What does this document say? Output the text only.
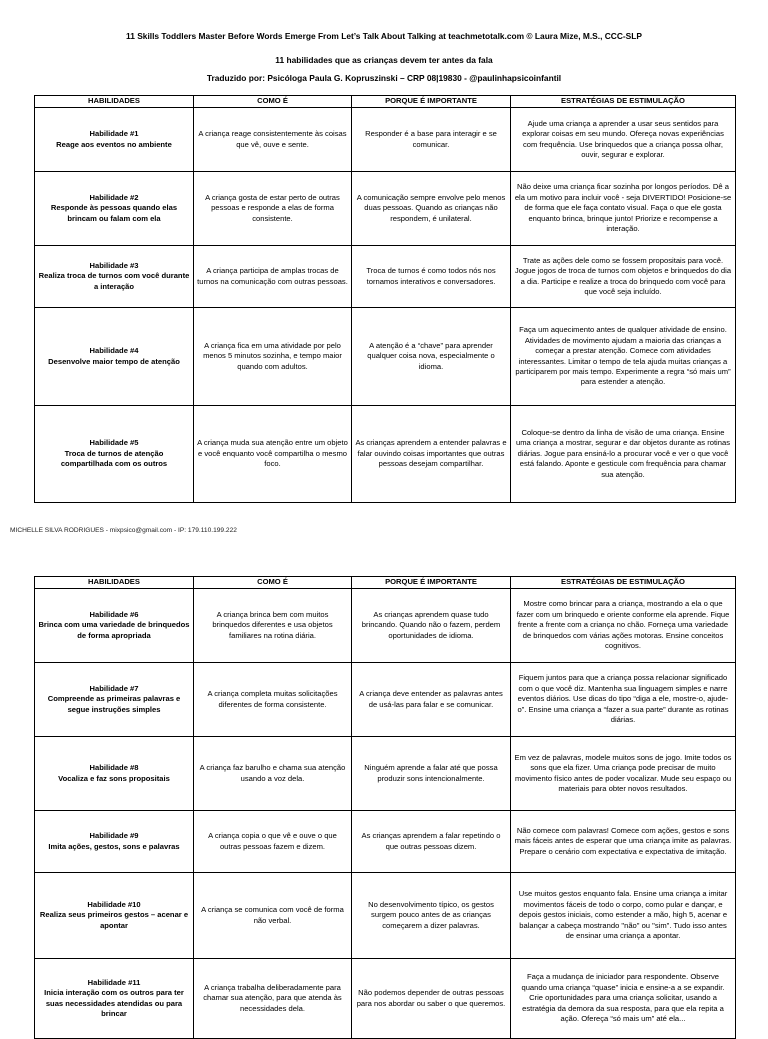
11 Skills Toddlers Master Before Words Emerge From Let’s Talk About Talking at teachmetotalk.com © Laura Mize, M.S., CCC-SLP
11 habilidades que as crianças devem ter antes da fala
Traduzido por: Psicóloga Paula G. Kopruszinski – CRP 08|19830 - @paulinhapsicoinfantil
HABILIDADES	COMO É	PORQUE É IMPORTANTE	ESTRATÉGIAS DE ESTIMULAÇÃO

Habilidade #1
Reage aos eventos no ambiente	A criança reage consistentemente às coisas que vê, ouve e sente.	Responder é a base para interagir e se comunicar.	Ajude uma criança a aprender a usar seus sentidos para explorar coisas em seu mundo. Ofereça novas experiências com frequência. Use brinquedos que a criança possa olhar, ouvir, segurar e explorar.

Habilidade #2
Responde às pessoas quando elas brincam ou falam com ela	A criança gosta de estar perto de outras pessoas e responde a elas de forma consistente.	A comunicação sempre envolve pelo menos duas pessoas. Quando as crianças não respondem, é unilateral.	Não deixe uma criança ficar sozinha por longos períodos. Dê a ela um motivo para incluir você - seja DIVERTIDO! Posicione-se de forma que ele faça contato visual. Faça o que ele gosta enquanto brinca, brinque junto! Priorize e recompense a interação.

Habilidade #3
Realiza troca de turnos com você durante a interação	A criança participa de amplas trocas de turnos na comunicação com outras pessoas.	Troca de turnos é como todos nós nos tornamos interativos e conversadores.	Trate as ações dele como se fossem propositais para você. Jogue jogos de troca de turnos com objetos e brinquedos do dia a dia. Participe e realize a troca do brinquedo com você para que você seja incluído.

Habilidade #4
Desenvolve maior tempo de atenção	A criança fica em uma atividade por pelo menos 5 minutos sozinha, e tempo maior quando com adultos.	A atenção é a “chave” para aprender qualquer coisa nova, especialmente o idioma.	Faça um aquecimento antes de qualquer atividade de ensino. Atividades de movimento ajudam a maioria das crianças a começar a prestar atenção. Comece com atividades interessantes. Limitar o tempo de tela ajuda muitas crianças a participarem por mais tempo. Experimente a regra “só mais um” para estender a atenção.

Habilidade #5
Troca de turnos de atenção compartilhada com os outros	A criança muda sua atenção entre um objeto e você enquanto você compartilha o mesmo foco.	As crianças aprendem a entender palavras e falar ouvindo coisas importantes que outras pessoas desejam compartilhar.	Coloque-se dentro da linha de visão de uma criança. Ensine uma criança a mostrar, segurar e dar objetos durante as rotinas diárias. Jogue para ensiná-lo a procurar você e ver o que você está falando. Aponte e gesticule com frequência para chamar sua atenção.
MICHELLE SILVA RODRIGUES - mixpsico@gmail.com - IP: 179.110.199.222
HABILIDADES	COMO É	PORQUE É IMPORTANTE	ESTRATÉGIAS DE ESTIMULAÇÃO

Habilidade #6
Brinca com uma variedade de brinquedos de forma apropriada	A criança brinca bem com muitos brinquedos diferentes e usa objetos familiares na rotina diária.	As crianças aprendem quase tudo brincando. Quando não o fazem, perdem oportunidades de idioma.	Mostre como brincar para a criança, mostrando a ela o que fazer com um brinquedo e oriente conforme ela aprende. Fique frente a frente com a criança no chão. Forneça uma variedade de brinquedos com várias ações motoras. Ensine conceitos cognitivos.

Habilidade #7
Compreende as primeiras palavras e segue instruções simples	A criança completa muitas solicitações diferentes de forma consistente.	A criança deve entender as palavras antes de usá-las para falar e se comunicar.	Fiquem juntos para que a criança possa relacionar significado com o que você diz. Mantenha sua linguagem simples e narre eventos diários. Use dicas do tipo “diga a ele, mostre-o, ajude-o”. Ensine uma criança a “fazer a sua parte” durante as rotinas diárias.

Habilidade #8
Vocaliza e faz sons propositais	A criança faz barulho e chama sua atenção usando a voz dela.	Ninguém aprende a falar até que possa produzir sons intencionalmente.	Em vez de palavras, modele muitos sons de jogo. Imite todos os sons que ela fizer. Uma criança pode precisar de muito movimento físico antes de poder vocalizar. Mude seu espaço ou materiais para obter novos resultados.

Habilidade #9
Imita ações, gestos, sons e palavras	A criança copia o que vê e ouve o que outras pessoas fazem e dizem.	As crianças aprendem a falar repetindo o que outras pessoas dizem.	Não comece com palavras! Comece com ações, gestos e sons mais fáceis antes de esperar que uma criança imite as palavras. Prepare o cenário com expectativa e expectativa de imitação.

Habilidade #10
Realiza seus primeiros gestos – acenar e apontar	A criança se comunica com você de forma não verbal.	No desenvolvimento típico, os gestos surgem pouco antes de as crianças começarem a dizer palavras.	Use muitos gestos enquanto fala. Ensine uma criança a imitar movimentos fáceis de todo o corpo, como pular e dançar, e depois gestos iniciais, como estender a mão, high 5, acenar e balançar a cabeça mostrando "não" ou "sim". Tudo isso antes de ensinar uma criança a apontar.

Habilidade #11
Inicia interação com os outros para ter suas necessidades atendidas ou para brincar	A criança trabalha deliberadamente para chamar sua atenção, para que atenda às necessidades dela.	Não podemos depender de outras pessoas para nos abordar ou saber o que queremos.	Faça a mudança de iniciador para respondente. Observe quando uma criança “quase” inicia e ensine-a a se expandir. Crie oportunidades para uma criança solicitar, usando a estratégia da demora da sua resposta, para que ela repita a ação. Ofereça “só mais um” até ela...
